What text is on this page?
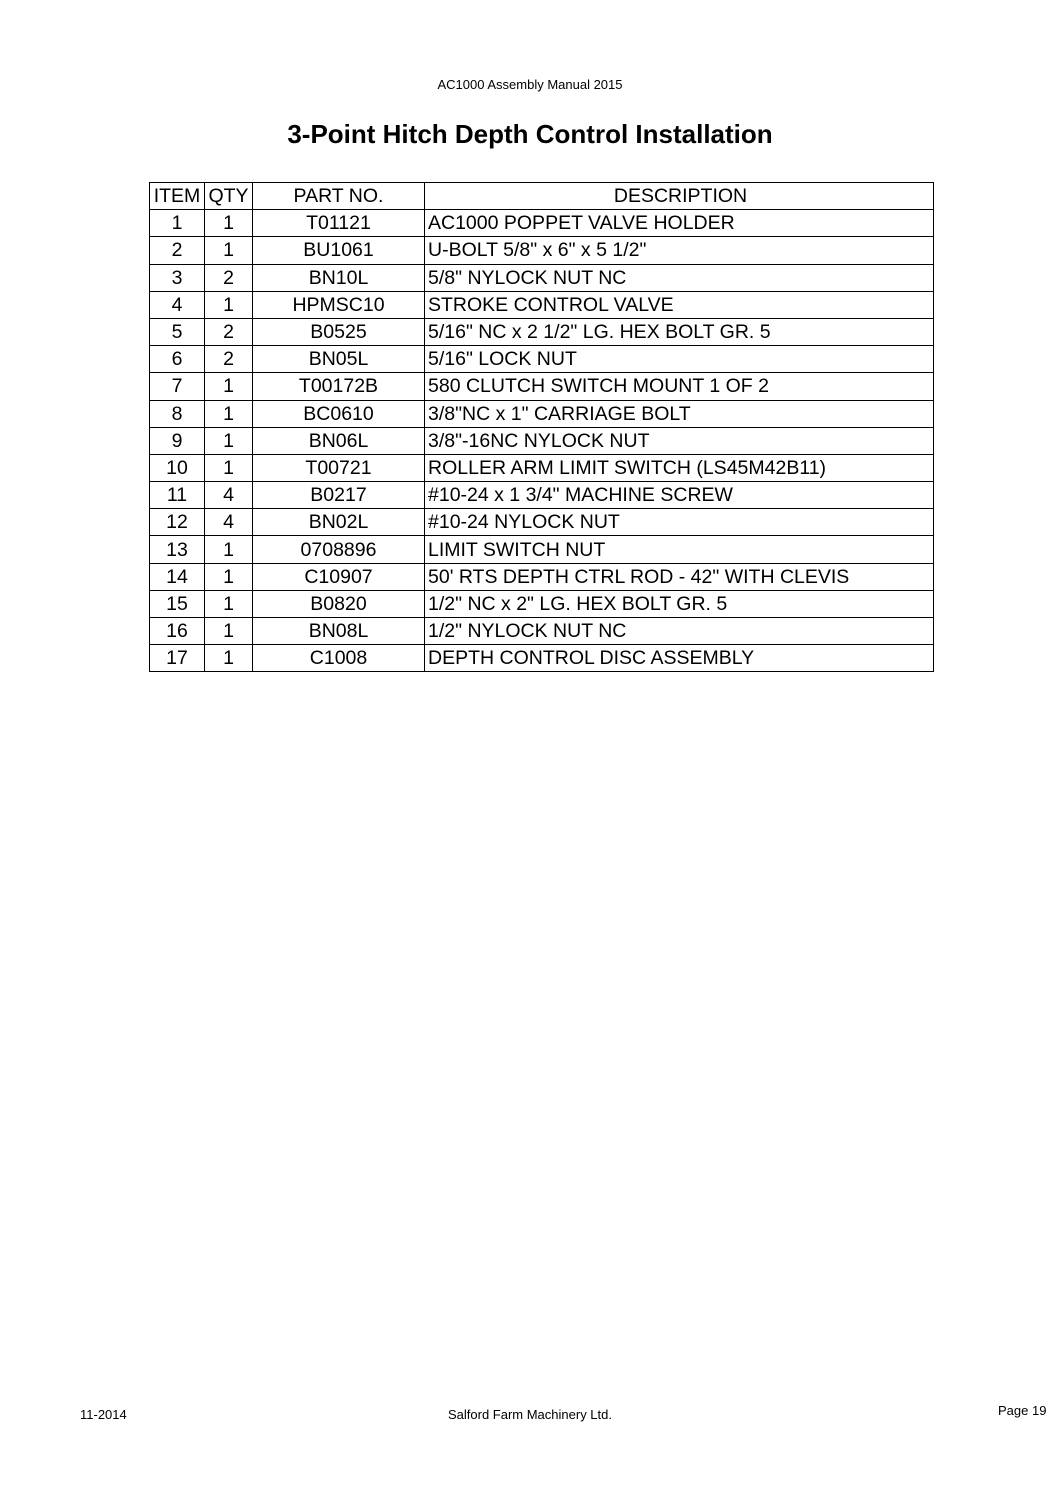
AC1000 Assembly Manual 2015
3-Point Hitch Depth Control Installation
ITEM	QTY	PART NO.	DESCRIPTION
1	1	T01121	AC1000 POPPET VALVE HOLDER
2	1	BU1061	U-BOLT 5/8" x 6" x 5 1/2"
3	2	BN10L	5/8" NYLOCK NUT NC
4	1	HPMSC10	STROKE CONTROL VALVE
5	2	B0525	5/16" NC x 2 1/2" LG. HEX BOLT GR. 5
6	2	BN05L	5/16" LOCK NUT
7	1	T00172B	580 CLUTCH SWITCH MOUNT 1 OF 2
8	1	BC0610	3/8"NC x 1" CARRIAGE BOLT
9	1	BN06L	3/8"-16NC NYLOCK NUT
10	1	T00721	ROLLER ARM LIMIT SWITCH (LS45M42B11)
11	4	B0217	#10-24 x 1 3/4" MACHINE SCREW
12	4	BN02L	#10-24 NYLOCK NUT
13	1	0708896	LIMIT SWITCH NUT
14	1	C10907	50' RTS DEPTH CTRL ROD - 42" WITH CLEVIS
15	1	B0820	1/2" NC x 2" LG. HEX BOLT GR. 5
16	1	BN08L	1/2" NYLOCK NUT NC
17	1	C1008	DEPTH CONTROL DISC ASSEMBLY
11-2014	Salford Farm Machinery Ltd.	Page 19
